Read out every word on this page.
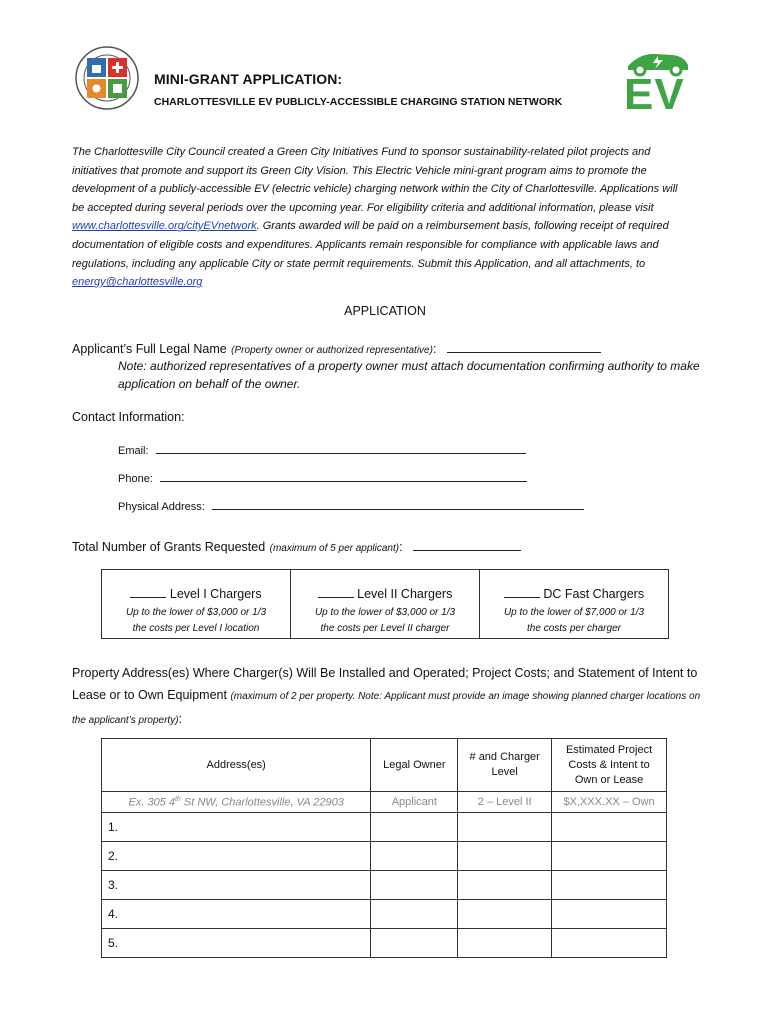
EV
MINI-GRANT APPLICATION:
CHARLOTTESVILLE EV PUBLICLY-ACCESSIBLE CHARGING STATION NETWORK
The Charlottesville City Council created a Green City Initiatives Fund to sponsor sustainability-related pilot projects and initiatives that promote and support its Green City Vision. This Electric Vehicle mini-grant program aims to promote the development of a publicly-accessible EV (electric vehicle) charging network within the City of Charlottesville. Applications will be accepted during several periods over the upcoming year. For eligibility criteria and additional information, please visit www.charlottesville.org/cityEVnetwork. Grants awarded will be paid on a reimbursement basis, following receipt of required documentation of eligible costs and expenditures. Applicants remain responsible for compliance with applicable laws and regulations, including any applicable City or state permit requirements. Submit this Application, and all attachments, to energy@charlottesville.org
APPLICATION
Applicant’s Full Legal Name (Property owner or authorized representative):
Note: authorized representatives of a property owner must attach documentation confirming authority to make application on behalf of the owner.
Contact Information:
Email:
Phone:
Physical Address:
Total Number of Grants Requested (maximum of 5 per applicant):
Level I Chargers
Up to the lower of $3,000 or 1/3
the costs per Level I location
Level II Chargers
Up to the lower of $3,000 or 1/3
the costs per Level II charger
DC Fast Chargers
Up to the lower of $7,000 or 1/3
the costs per charger
Property Address(es) Where Charger(s) Will Be Installed and Operated; Project Costs; and Statement of Intent to Lease or to Own Equipment (maximum of 2 per property. Note: Applicant must provide an image showing planned charger locations on the applicant’s property):
Address(es)	Legal Owner	# and Charger Level	Estimated Project Costs & Intent to Own or Lease
Ex. 305 4th St NW, Charlottesville, VA 22903	Applicant	2 – Level II	$X,XXX.XX – Own
1.			
2.			
3.			
4.			
5.			
